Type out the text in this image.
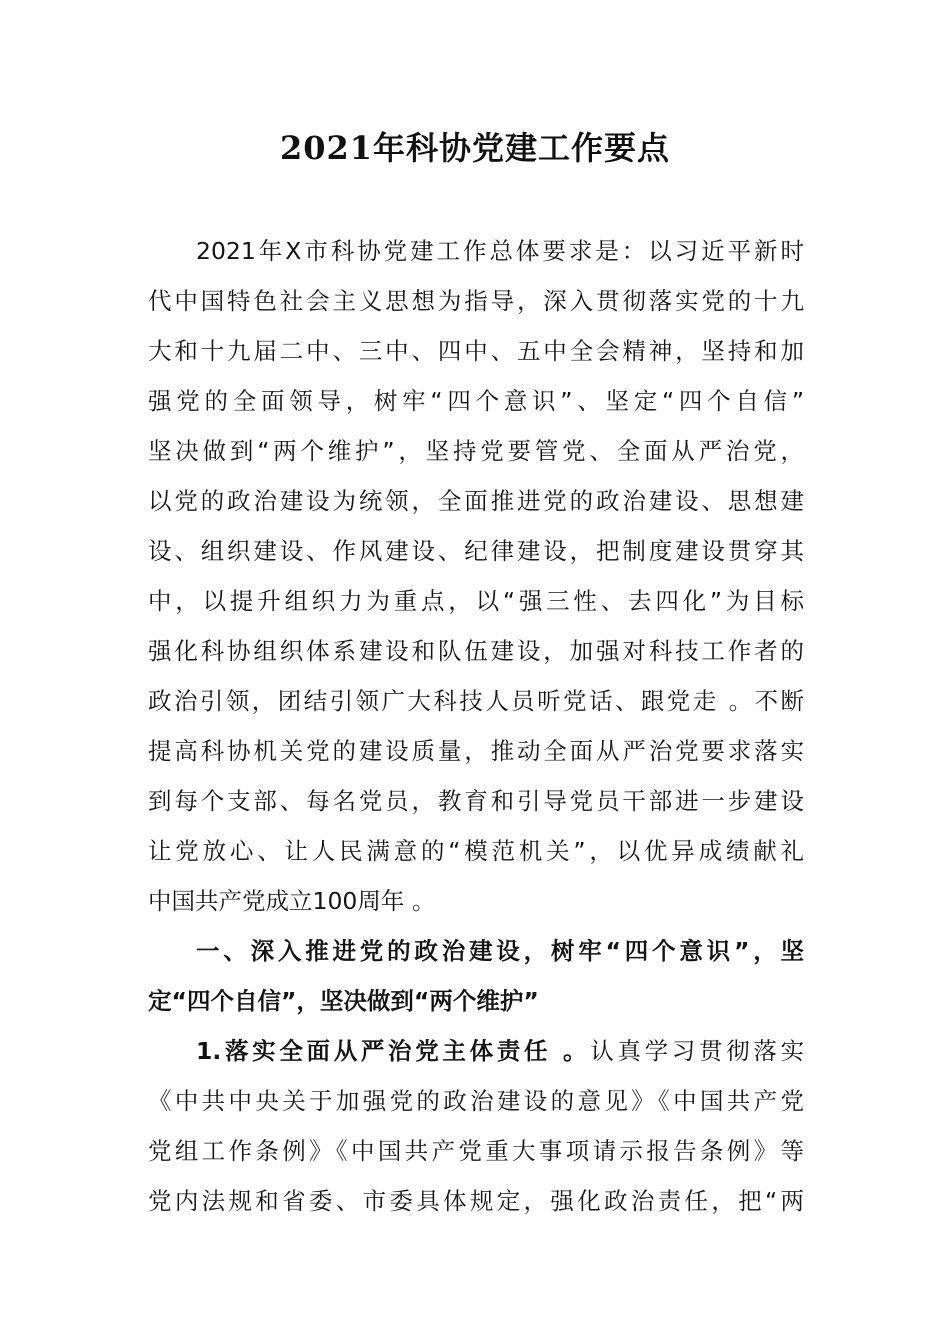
2021年科协党建工作要点
2021年X市科协党建工作总体要求是：以习近平新时
代中国特色社会主义思想为指导，深入贯彻落实党的十九
大和十九届二中、三中、四中、五中全会精神，坚持和加
强党的全面领导，树牢“四个意识”、坚定“四个自信”
坚决做到“两个维护”，坚持党要管党、全面从严治党，
以党的政治建设为统领，全面推进党的政治建设、思想建
设、组织建设、作风建设、纪律建设，把制度建设贯穿其
中，以提升组织力为重点，以“强三性、去四化”为目标
强化科协组织体系建设和队伍建设，加强对科技工作者的
政治引领，团结引领广大科技人员听党话、跟党走 。不断
提高科协机关党的建设质量，推动全面从严治党要求落实
到每个支部、每名党员，教育和引导党员干部进一步建设
让党放心、让人民满意的“模范机关”，以优异成绩献礼
中国共产党成立100周年 。
一、深入推进党的政治建设，树牢“四个意识”，坚
定“四个自信”，坚决做到“两个维护”
1.落实全面从严治党主体责任 。认真学习贯彻落实
《中共中央关于加强党的政治建设的意见》《中国共产党
党组工作条例》《中国共产党重大事项请示报告条例》等
党内法规和省委、市委具体规定，强化政治责任，把“两
